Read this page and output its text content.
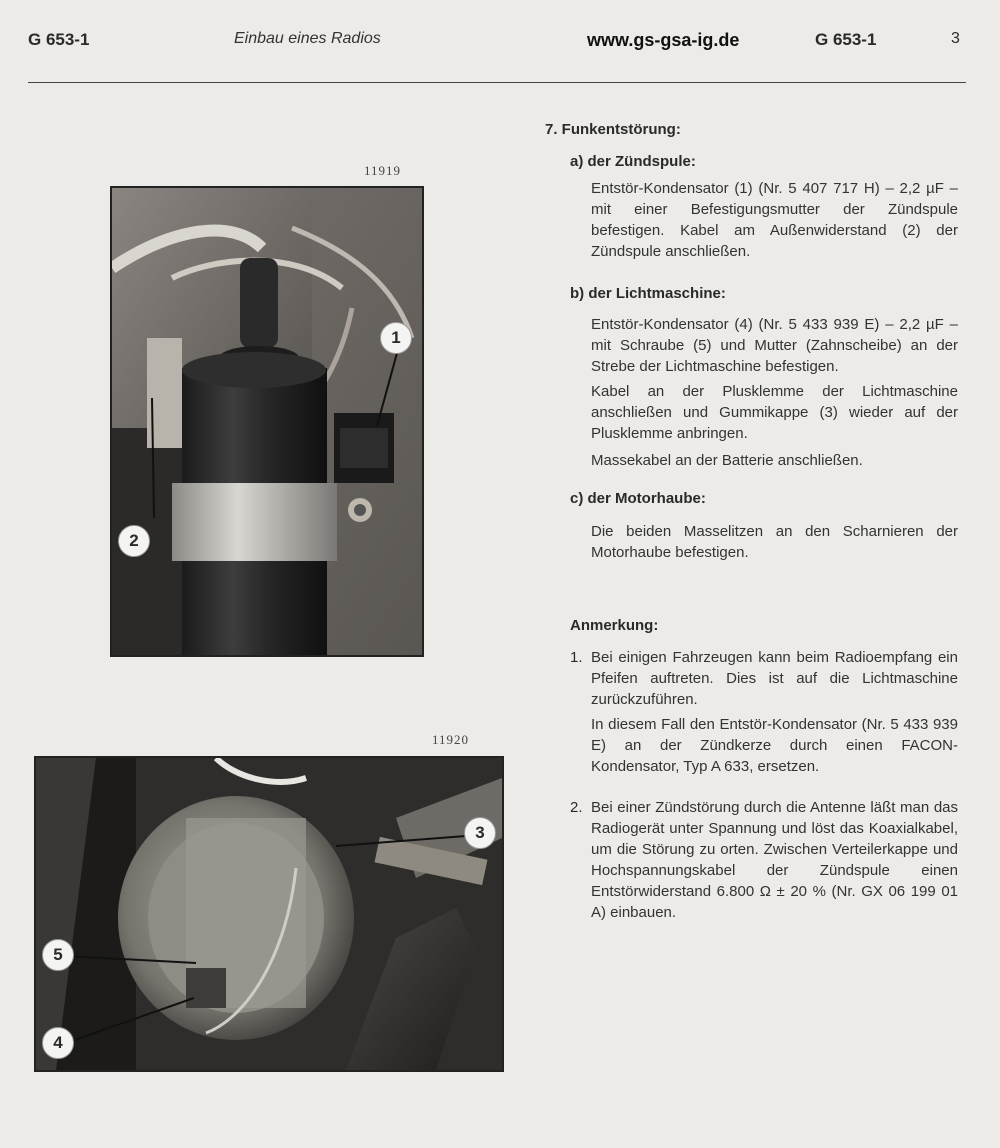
G 653-1	Einbau eines Radios	www.gs-gsa-ig.de	G 653-1	3
11919
1
2
11920
3
5
4
7. Funkentstörung:
a) der Zündspule:
Entstör-Kondensator (1) (Nr. 5 407 717 H) – 2,2 µF – mit einer Befestigungsmutter der Zündspule befestigen. Kabel am Außenwiderstand (2) der Zündspule anschließen.
b) der Lichtmaschine:
Entstör-Kondensator (4) (Nr. 5 433 939 E) – 2,2 µF – mit Schraube (5) und Mutter (Zahnscheibe) an der Strebe der Lichtmaschine befestigen.
Kabel an der Plusklemme der Lichtmaschine anschließen und Gummikappe (3) wieder auf der Plusklemme anbringen.
Massekabel an der Batterie anschließen.
c) der Motorhaube:
Die beiden Masselitzen an den Scharnieren der Motorhaube befestigen.
Anmerkung:
1. Bei einigen Fahrzeugen kann beim Radioempfang ein Pfeifen auftreten. Dies ist auf die Lichtmaschine zurückzuführen.
In diesem Fall den Entstör-Kondensator (Nr. 5 433 939 E) an der Zündkerze durch einen FACON-Kondensator, Typ A 633, ersetzen.
2. Bei einer Zündstörung durch die Antenne läßt man das Radiogerät unter Spannung und löst das Koaxialkabel, um die Störung zu orten. Zwischen Verteilerkappe und Hochspannungskabel der Zündspule einen Entstörwiderstand 6.800 Ω ± 20 % (Nr. GX 06 199 01 A) einbauen.
